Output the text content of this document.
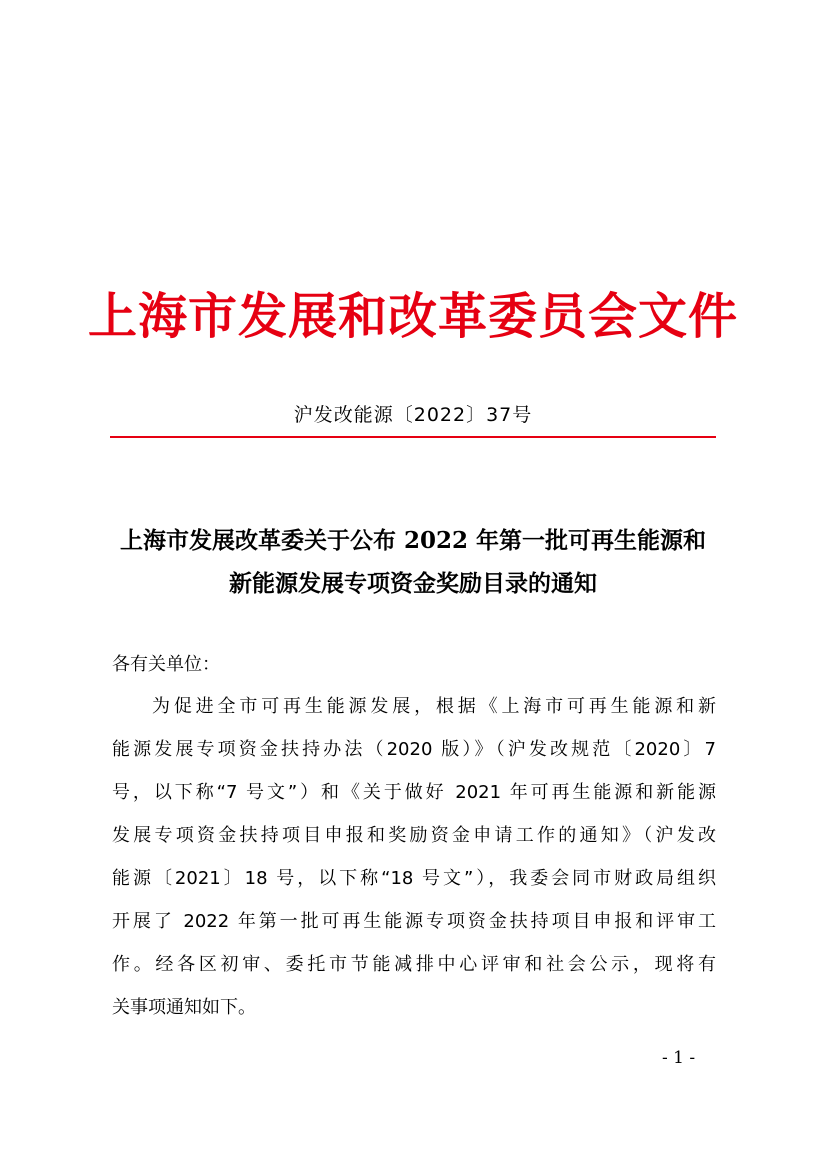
上海市发展和改革委员会文件
沪发改能源〔2022〕37号
上海市发展改革委关于公布 2022 年第一批可再生能源和
新能源发展专项资金奖励目录的通知
各有关单位：
为促进全市可再生能源发展，根据《上海市可再生能源和新
能源发展专项资金扶持办法（2020 版）》（沪发改规范〔2020〕7
号，以下称“7 号文”）和《关于做好 2021 年可再生能源和新能源
发展专项资金扶持项目申报和奖励资金申请工作的通知》（沪发改
能源〔2021〕18 号，以下称“18 号文”），我委会同市财政局组织
开展了 2022 年第一批可再生能源专项资金扶持项目申报和评审工
作。经各区初审、委托市节能减排中心评审和社会公示，现将有
关事项通知如下。
- 1 -
